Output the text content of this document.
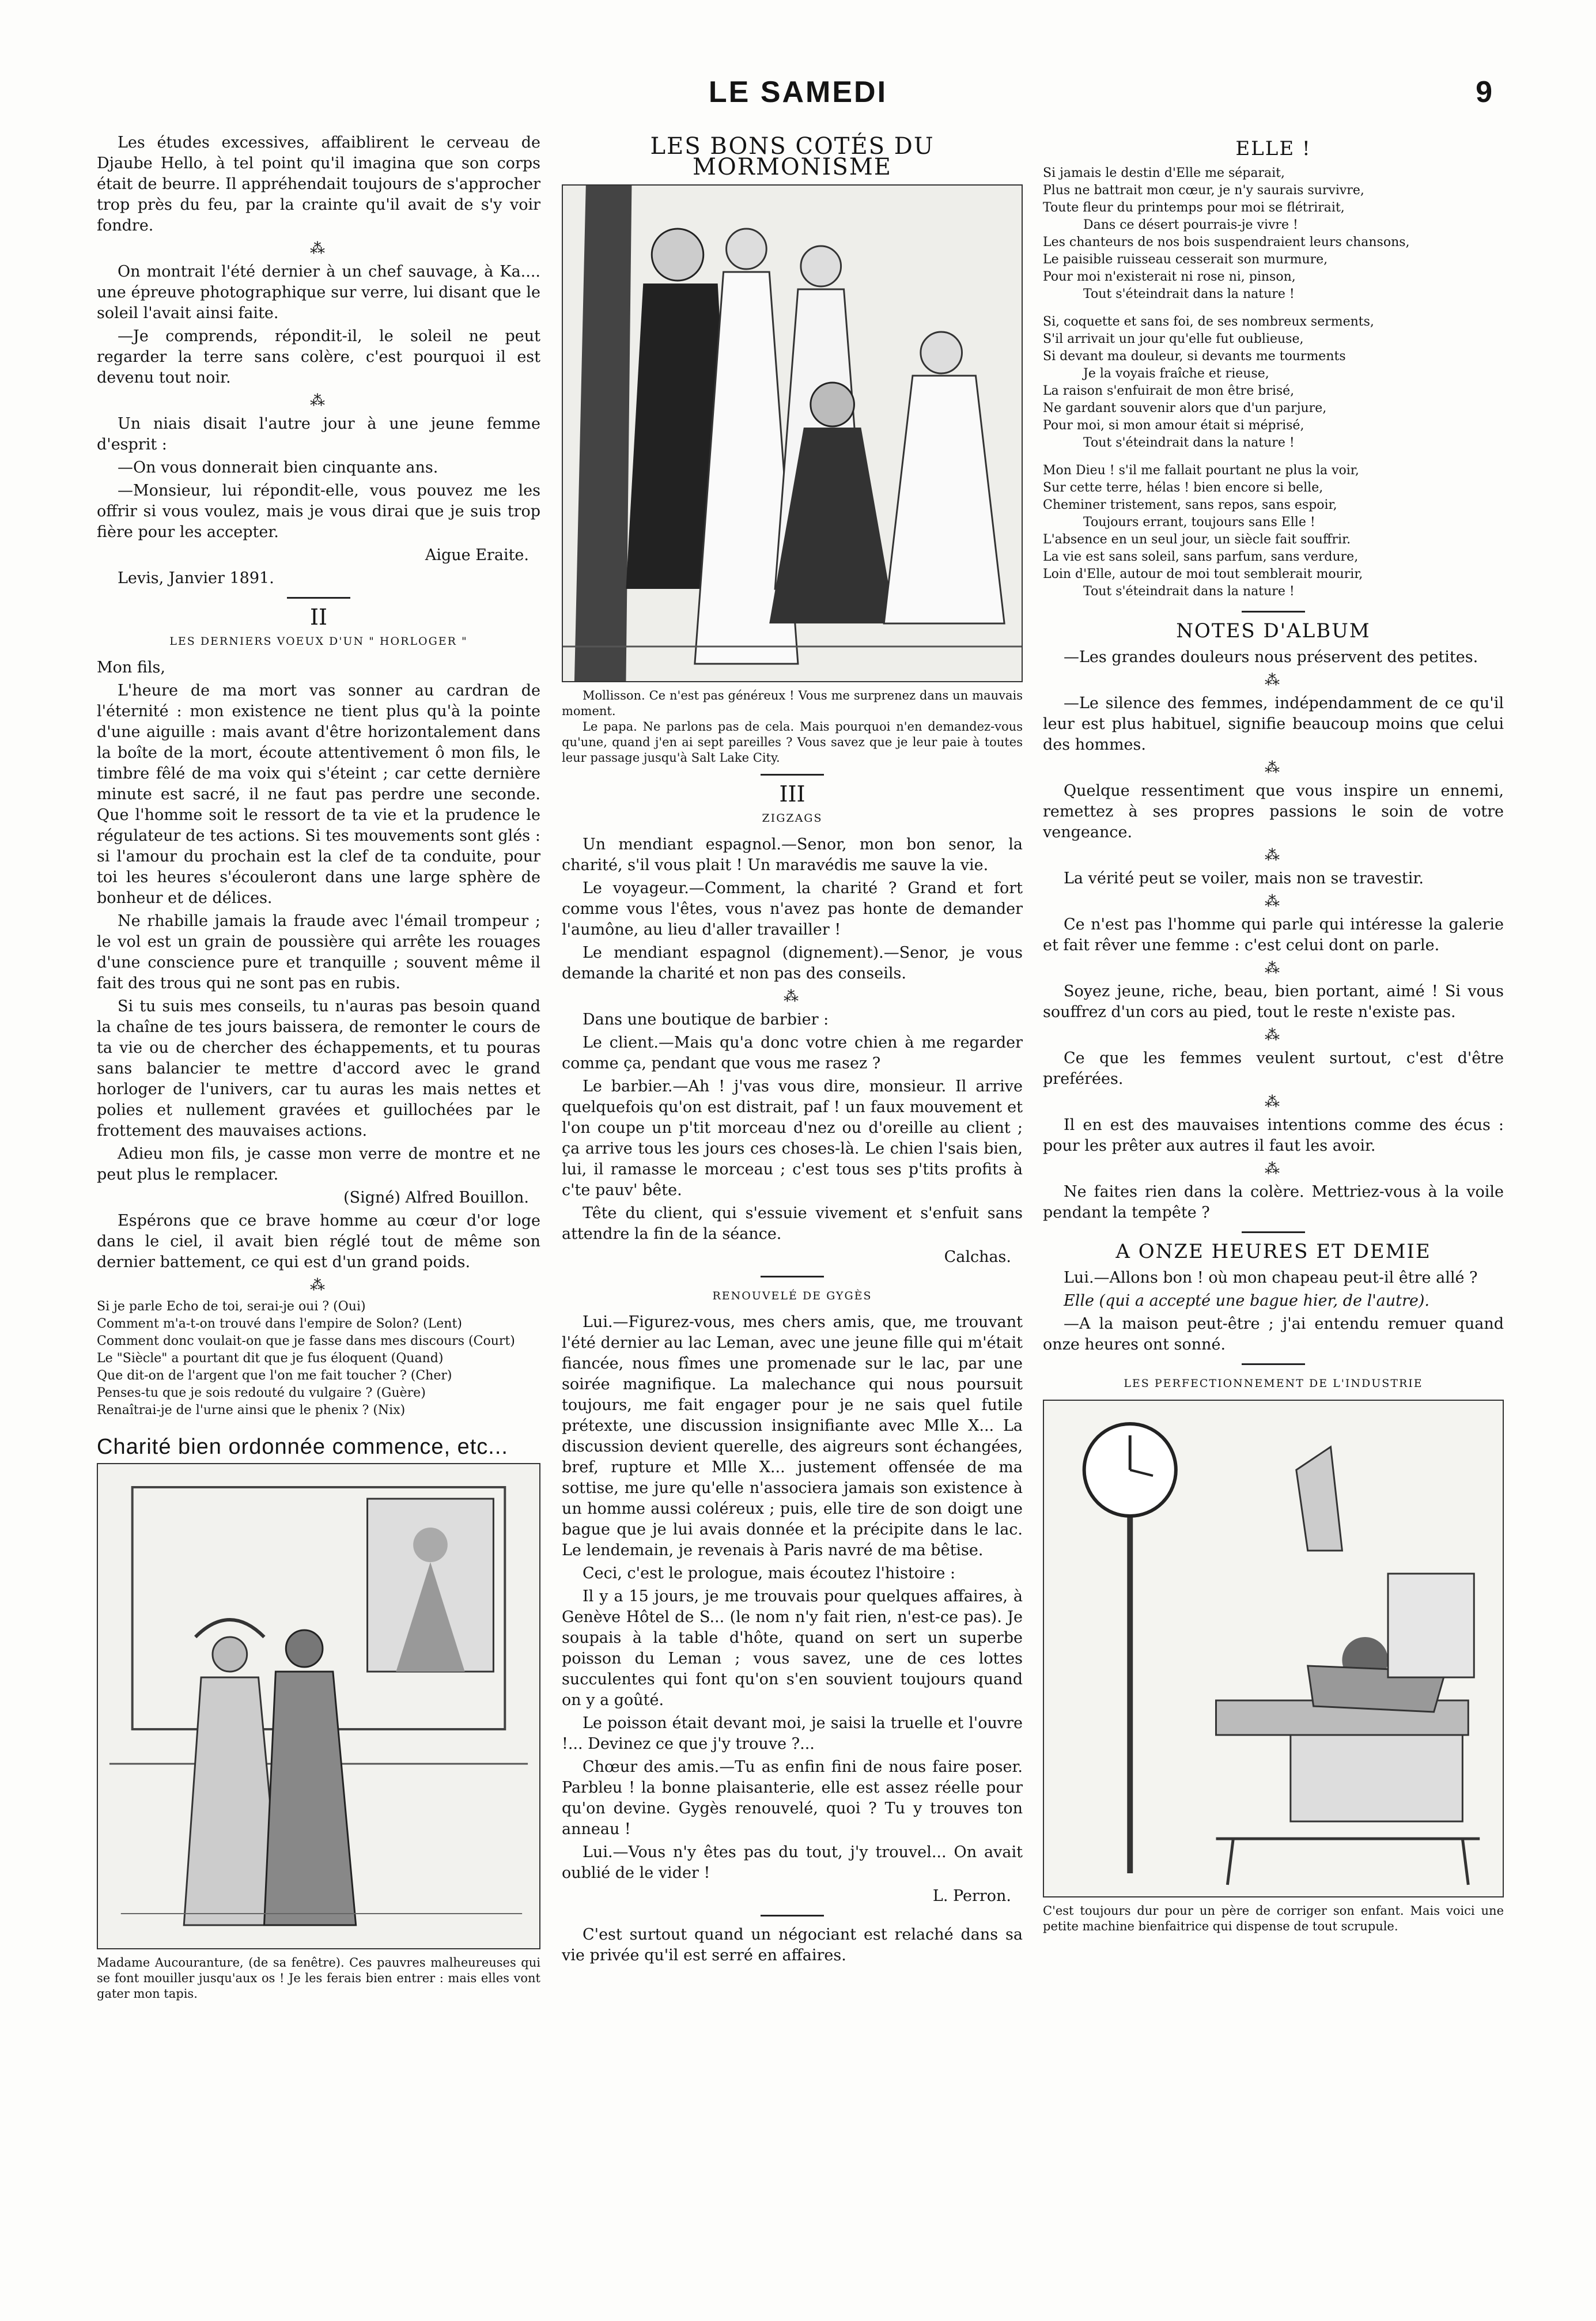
LE SAMEDI	9

Les études excessives, affaiblirent le cerveau de Djaube Hello, à tel point qu'il imagina que son corps était de beurre. Il appréhendait toujours de s'approcher trop près du feu, par la crainte qu'il avait de s'y voir fondre.

⁂

On montrait l'été dernier à un chef sauvage, à Ka.... une épreuve photographique sur verre, lui disant que le soleil l'avait ainsi faite.

—Je comprends, répondit-il, le soleil ne peut regarder la terre sans colère, c'est pourquoi il est devenu tout noir.

⁂

Un niais disait l'autre jour à une jeune femme d'esprit :

—On vous donnerait bien cinquante ans.

—Monsieur, lui répondit-elle, vous pouvez me les offrir si vous voulez, mais je vous dirai que je suis trop fière pour les accepter.

Aigue Eraite.

Levis, Janvier 1891.

II
LES DERNIERS VOEUX D'UN " HORLOGER "

Mon fils,

L'heure de ma mort vas sonner au cardran de l'éternité : mon existence ne tient plus qu'à la pointe d'une aiguille : mais avant d'être horizontalement dans la boîte de la mort, écoute attentivement ô mon fils, le timbre fêlé de ma voix qui s'éteint ; car cette dernière minute est sacré, il ne faut pas perdre une seconde. Que l'homme soit le ressort de ta vie et la prudence le régulateur de tes actions. Si tes mouvements sont glés : si l'amour du prochain est la clef de ta conduite, pour toi les heures s'écouleront dans une large sphère de bonheur et de délices.

Ne rhabille jamais la fraude avec l'émail trompeur ; le vol est un grain de poussière qui arrête les rouages d'une conscience pure et tranquille ; souvent même il fait des trous qui ne sont pas en rubis.

Si tu suis mes conseils, tu n'auras pas besoin quand la chaîne de tes jours baissera, de remonter le cours de ta vie ou de chercher des échappements, et tu pouras sans balancier te mettre d'accord avec le grand horloger de l'univers, car tu auras les mais nettes et polies et nullement gravées et guillochées par le frottement des mauvaises actions.

Adieu mon fils, je casse mon verre de montre et ne peut plus le remplacer.

(Signé) Alfred Bouillon.

Espérons que ce brave homme au cœur d'or loge dans le ciel, il avait bien réglé tout de même son dernier battement, ce qui est d'un grand poids.

⁂

Si je parle Echo de toi, serai-je oui ? (Oui)

Comment m'a-t-on trouvé dans l'empire de Solon? (Lent)

Comment donc voulait-on que je fasse dans mes discours (Court)

Le "Siècle" a pourtant dit que je fus éloquent (Quand)

Que dit-on de l'argent que l'on me fait toucher ? (Cher)

Penses-tu que je sois redouté du vulgaire ? (Guère)

Renaîtrai-je de l'urne ainsi que le phenix ? (Nix)

Charité bien ordonnée commence, etc...
Madame Aucouranture, (de sa fenêtre). Ces pauvres malheureuses qui se font mouiller jusqu'aux os ! Je les ferais bien entrer : mais elles vont gater mon tapis.
LES BONS COTÉS DU MORMONISME

Mollisson. Ce n'est pas généreux ! Vous me surprenez dans un mauvais moment.

Le papa. Ne parlons pas de cela. Mais pourquoi n'en demandez-vous qu'une, quand j'en ai sept pareilles ? Vous savez que je leur paie à toutes leur passage jusqu'à Salt Lake City.

III
ZIGZAGS

Un mendiant espagnol.—Senor, mon bon senor, la charité, s'il vous plait ! Un maravédis me sauve la vie.

Le voyageur.—Comment, la charité ? Grand et fort comme vous l'êtes, vous n'avez pas honte de demander l'aumône, au lieu d'aller travailler !

Le mendiant espagnol (dignement).—Senor, je vous demande la charité et non pas des conseils.

⁂

Dans une boutique de barbier :

Le client.—Mais qu'a donc votre chien à me regarder comme ça, pendant que vous me rasez ?

Le barbier.—Ah ! j'vas vous dire, monsieur. Il arrive quelquefois qu'on est distrait, paf ! un faux mouvement et l'on coupe un p'tit morceau d'nez ou d'oreille au client ; ça arrive tous les jours ces choses-là. Le chien l'sais bien, lui, il ramasse le morceau ; c'est tous ses p'tits profits à c'te pauv' bête.

Tête du client, qui s'essuie vivement et s'enfuit sans attendre la fin de la séance.

Calchas.

RENOUVELÉ DE GYGÈS

Lui.—Figurez-vous, mes chers amis, que, me trouvant l'été dernier au lac Leman, avec une jeune fille qui m'était fiancée, nous fîmes une promenade sur le lac, par une soirée magnifique. La malechance qui nous poursuit toujours, me fait engager pour je ne sais quel futile prétexte, une discussion insignifiante avec Mlle X... La discussion devient querelle, des aigreurs sont échangées, bref, rupture et Mlle X... justement offensée de ma sottise, me jure qu'elle n'associera jamais son existence à un homme aussi coléreux ; puis, elle tire de son doigt une bague que je lui avais donnée et la précipite dans le lac. Le lendemain, je revenais à Paris navré de ma bêtise.

Ceci, c'est le prologue, mais écoutez l'histoire :

Il y a 15 jours, je me trouvais pour quelques affaires, à Genève Hôtel de S... (le nom n'y fait rien, n'est-ce pas). Je soupais à la table d'hôte, quand on sert un superbe poisson du Leman ; vous savez, une de ces lottes succulentes qui font qu'on s'en souvient toujours quand on y a goûté.

Le poisson était devant moi, je saisi la truelle et l'ouvre !... Devinez ce que j'y trouve ?...

Chœur des amis.—Tu as enfin fini de nous faire poser. Parbleu ! la bonne plaisanterie, elle est assez réelle pour qu'on devine. Gygès renouvelé, quoi ? Tu y trouves ton anneau !

Lui.—Vous n'y êtes pas du tout, j'y trouvel... On avait oublié de le vider !

L. Perron.

C'est surtout quand un négociant est relaché dans sa vie privée qu'il est serré en affaires.

ELLE !
Si jamais le destin d'Elle me séparait,
Plus ne battrait mon cœur, je n'y saurais survivre,
Toute fleur du printemps pour moi se flétrirait,
Dans ce désert pourrais-je vivre !
Les chanteurs de nos bois suspendraient leurs chansons,
Le paisible ruisseau cesserait son murmure,
Pour moi n'existerait ni rose ni, pinson,
Tout s'éteindrait dans la nature !
Si, coquette et sans foi, de ses nombreux serments,
S'il arrivait un jour qu'elle fut oublieuse,
Si devant ma douleur, si devants me tourments
Je la voyais fraîche et rieuse,
La raison s'enfuirait de mon être brisé,
Ne gardant souvenir alors que d'un parjure,
Pour moi, si mon amour était si méprisé,
Tout s'éteindrait dans la nature !
Mon Dieu ! s'il me fallait pourtant ne plus la voir,
Sur cette terre, hélas ! bien encore si belle,
Cheminer tristement, sans repos, sans espoir,
Toujours errant, toujours sans Elle !
L'absence en un seul jour, un siècle fait souffrir.
La vie est sans soleil, sans parfum, sans verdure,
Loin d'Elle, autour de moi tout semblerait mourir,
Tout s'éteindrait dans la nature !
NOTES D'ALBUM

—Les grandes douleurs nous préservent des petites.

⁂

—Le silence des femmes, indépendamment de ce qu'il leur est plus habituel, signifie beaucoup moins que celui des hommes.

⁂

Quelque ressentiment que vous inspire un ennemi, remettez à ses propres passions le soin de votre vengeance.

⁂

La vérité peut se voiler, mais non se travestir.

⁂

Ce n'est pas l'homme qui parle qui intéresse la galerie et fait rêver une femme : c'est celui dont on parle.

⁂

Soyez jeune, riche, beau, bien portant, aimé ! Si vous souffrez d'un cors au pied, tout le reste n'existe pas.

⁂

Ce que les femmes veulent surtout, c'est d'être preférées.

⁂

Il en est des mauvaises intentions comme des écus : pour les prêter aux autres il faut les avoir.

⁂

Ne faites rien dans la colère. Mettriez-vous à la voile pendant la tempête ?

A ONZE HEURES ET DEMIE

Lui.—Allons bon ! où mon chapeau peut-il être allé ?

Elle (qui a accepté une bague hier, de l'autre).

—A la maison peut-être ; j'ai entendu remuer quand onze heures ont sonné.

LES PERFECTIONNEMENT DE L'INDUSTRIE
C'est toujours dur pour un père de corriger son enfant. Mais voici une petite machine bienfaitrice qui dispense de tout scrupule.
